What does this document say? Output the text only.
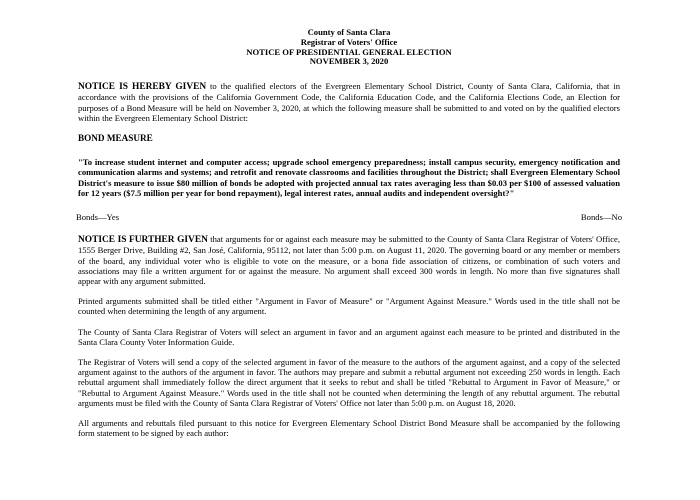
County of Santa Clara
Registrar of Voters' Office
NOTICE OF PRESIDENTIAL GENERAL ELECTION
NOVEMBER 3, 2020

NOTICE IS HEREBY GIVEN to the qualified electors of the Evergreen Elementary School District, County of Santa Clara, California, that in accordance with the provisions of the California Government Code, the California Education Code, and the California Elections Code, an Election for purposes of a Bond Measure will be held on November 3, 2020, at which the following measure shall be submitted to and voted on by the qualified electors within the Evergreen Elementary School District:

BOND MEASURE

"To increase student internet and computer access; upgrade school emergency preparedness; install campus security, emergency notification and communication alarms and systems; and retrofit and renovate classrooms and facilities throughout the District; shall Evergreen Elementary School District's measure to issue $80 million of bonds be adopted with projected annual tax rates averaging less than $0.03 per $100 of assessed valuation for 12 years ($7.5 million per year for bond repayment), legal interest rates, annual audits and independent oversight?"

Bonds—Yes	Bonds—No

NOTICE IS FURTHER GIVEN that arguments for or against each measure may be submitted to the County of Santa Clara Registrar of Voters' Office, 1555 Berger Drive, Building #2, San José, California, 95112, not later than 5:00 p.m. on August 11, 2020. The governing board or any member or members of the board, any individual voter who is eligible to vote on the measure, or a bona fide association of citizens, or combination of such voters and associations may file a written argument for or against the measure. No argument shall exceed 300 words in length. No more than five signatures shall appear with any argument submitted.

Printed arguments submitted shall be titled either "Argument in Favor of Measure" or "Argument Against Measure." Words used in the title shall not be counted when determining the length of any argument.

The County of Santa Clara Registrar of Voters will select an argument in favor and an argument against each measure to be printed and distributed in the Santa Clara County Voter Information Guide.

The Registrar of Voters will send a copy of the selected argument in favor of the measure to the authors of the argument against, and a copy of the selected argument against to the authors of the argument in favor. The authors may prepare and submit a rebuttal argument not exceeding 250 words in length. Each rebuttal argument shall immediately follow the direct argument that it seeks to rebut and shall be titled "Rebuttal to Argument in Favor of Measure," or "Rebuttal to Argument Against Measure." Words used in the title shall not be counted when determining the length of any rebuttal argument. The rebuttal arguments must be filed with the County of Santa Clara Registrar of Voters' Office not later than 5:00 p.m. on August 18, 2020.

All arguments and rebuttals filed pursuant to this notice for Evergreen Elementary School District Bond Measure shall be accompanied by the following form statement to be signed by each author:
